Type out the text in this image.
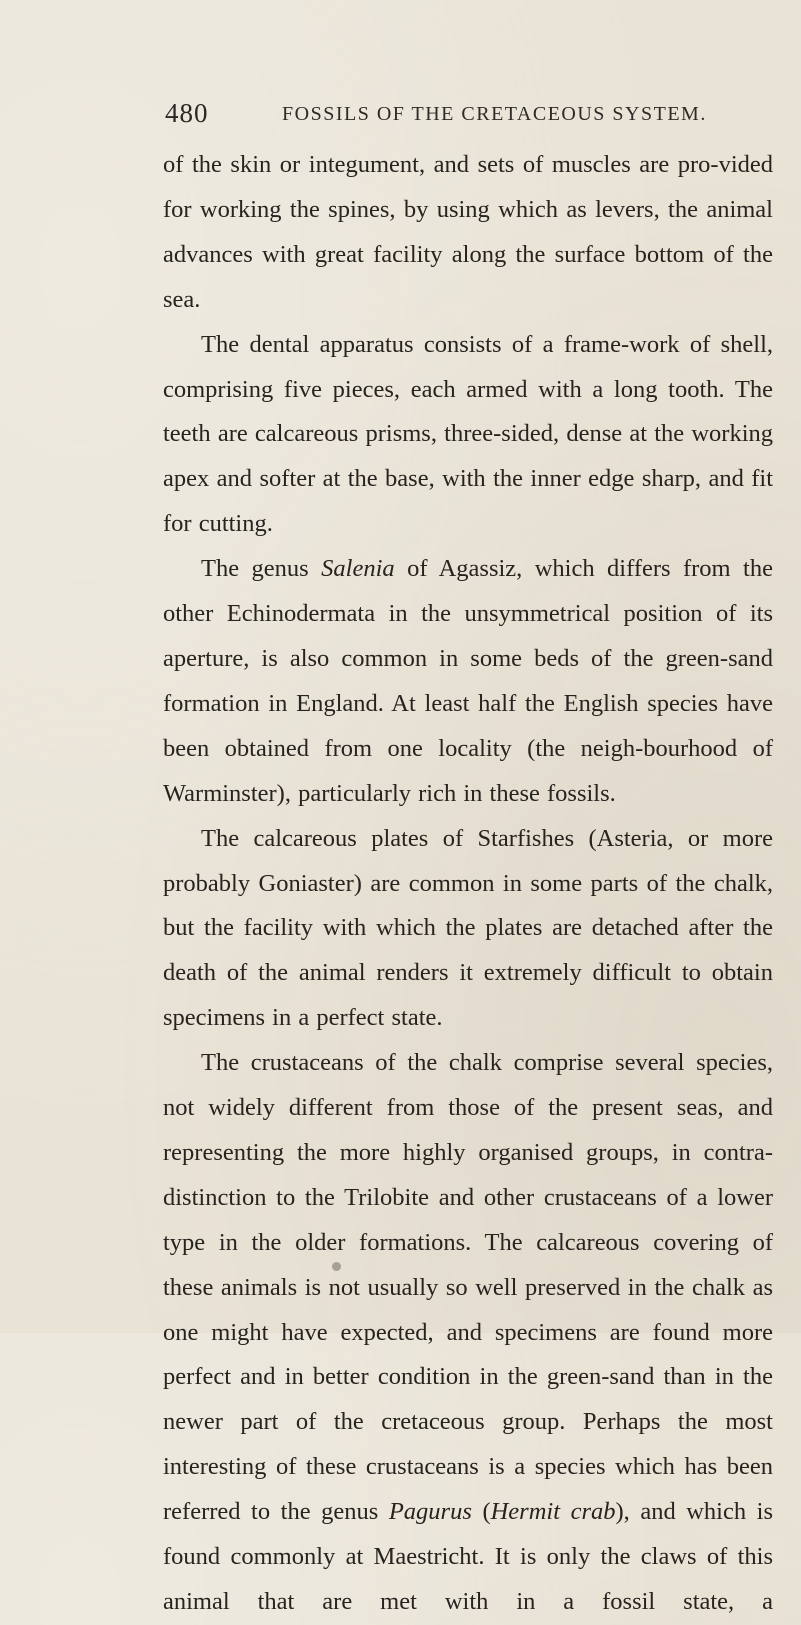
480	FOSSILS OF THE CRETACEOUS SYSTEM.

of the skin or integument, and sets of muscles are pro-vided for working the spines, by using which as levers, the animal advances with great facility along the surface bottom of the sea.

The dental apparatus consists of a frame-work of shell, comprising five pieces, each armed with a long tooth. The teeth are calcareous prisms, three-sided, dense at the working apex and softer at the base, with the inner edge sharp, and fit for cutting.

The genus Salenia of Agassiz, which differs from the other Echinodermata in the unsymmetrical position of its aperture, is also common in some beds of the green-sand formation in England. At least half the English species have been obtained from one locality (the neigh-bourhood of Warminster), particularly rich in these fossils.

The calcareous plates of Starfishes (Asteria, or more probably Goniaster) are common in some parts of the chalk, but the facility with which the plates are detached after the death of the animal renders it extremely difficult to obtain specimens in a perfect state.

The crustaceans of the chalk comprise several species, not widely different from those of the present seas, and representing the more highly organised groups, in contra-distinction to the Trilobite and other crustaceans of a lower type in the older formations. The calcareous covering of these animals is not usually so well preserved in the chalk as one might have expected, and specimens are found more perfect and in better condition in the green-sand than in the newer part of the cretaceous group. Perhaps the most interesting of these crustaceans is a species which has been referred to the genus Pagurus (Hermit crab), and which is found commonly at Maestricht. It is only the claws of this animal that are met with in a fossil state, a
